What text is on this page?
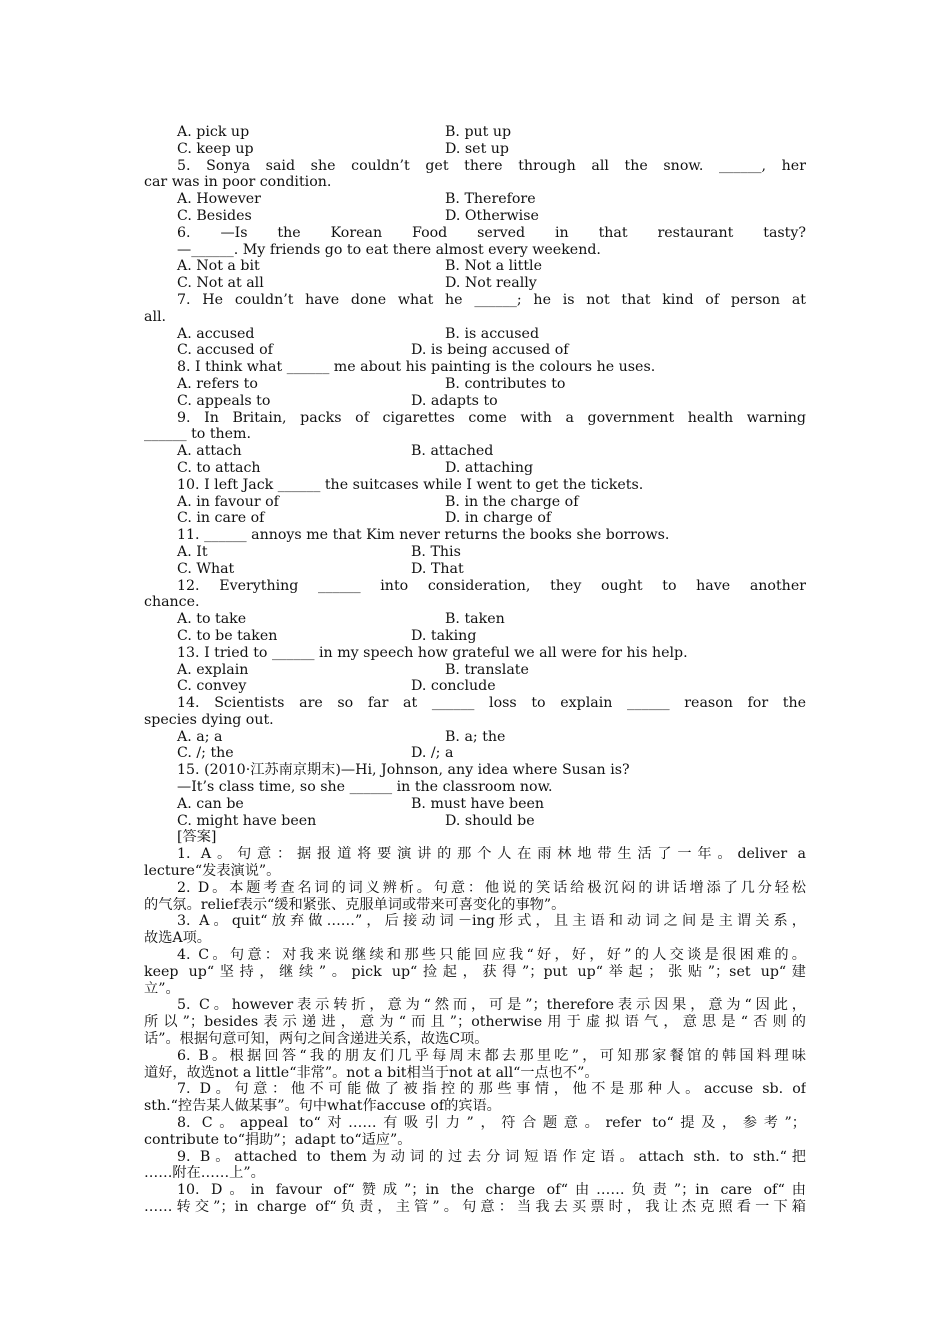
A. pick up	B. put up
C. keep up	D. set up
5. Sonya said she couldn’t get there through all the snow. ______, her
car was in poor condition.
A. However	B. Therefore
C. Besides	D. Otherwise
6. —Is the Korean Food served in that restaurant tasty?
—______. My friends go to eat there almost every weekend.
A. Not a bit	B. Not a little
C. Not at all	D. Not really
7. He couldn’t have done what he ______; he is not that kind of person at
all.
A. accused	B. is accused
C. accused of	D. is being accused of
8. I think what ______ me about his painting is the colours he uses.
A. refers to	B. contributes to
C. appeals to	D. adapts to
9. In Britain, packs of cigarettes come with a government health warning
______ to them.
A. attach	B. attached
C. to attach	D. attaching
10. I left Jack ______ the suitcases while I went to get the tickets.
A. in favour of	B. in the charge of
C. in care of	D. in charge of
11. ______ annoys me that Kim never returns the books she borrows.
A. It	B. This
C. What	D. That
12. Everything ______ into consideration, they ought to have another
chance.
A. to take	B. taken
C. to be taken	D. taking
13. I tried to ______ in my speech how grateful we all were for his help.
A. explain	B. translate
C. convey	D. conclude
14. Scientists are so far at ______ loss to explain ______ reason for the
species dying out.
A. a; a	B. a; the
C. /; the	D. /; a
15. (2010·江苏南京期末)—Hi, Johnson, any idea where Susan is?
—It’s class time, so she ______ in the classroom now.
A. can be	B. must have been
C. might have been	D. should be
[答案]
1. A。句意：据报道将要演讲的那个人在雨林地带生活了一年。deliver a
lecture“发表演说”。
2. D。本题考查名词的词义辨析。句意：他说的笑话给极沉闷的讲话增添了几分轻松
的气氛。relief表示“缓和紧张、克服单词或带来可喜变化的事物”。
3. A。quit“放弃做……”，后接动词－ing形式，且主语和动词之间是主谓关系，
故选A项。
4. C。句意：对我来说继续和那些只能回应我“好，好，好”的人交谈是很困难的。
keep up“坚持，继续”。pick up“捡起，获得”；put up“举起；张贴”；set up“建
立”。
5. C。however表示转折，意为“然而，可是”；therefore表示因果，意为“因此，
所以”；besides表示递进，意为“而且”；otherwise用于虚拟语气，意思是“否则的
话”。根据句意可知，两句之间含递进关系，故选C项。
6. B。根据回答“我的朋友们几乎每周末都去那里吃”，可知那家餐馆的韩国料理味
道好，故选not a little“非常”。not a bit相当于not at all“一点也不”。
7. D。句意：他不可能做了被指控的那些事情，他不是那种人。accuse sb. of
sth.“控告某人做某事”。句中what作accuse of的宾语。
8. C。appeal to“对……有吸引力”，符合题意。refer to“提及，参考”；
contribute to“捐助”；adapt to“适应”。
9. B。attached to them为动词的过去分词短语作定语。attach sth. to sth.“把
……附在……上”。
10. D。in favour of“赞成”；in the charge of“由……负责”；in care of“由
……转交”；in charge of“负责，主管”。句意：当我去买票时，我让杰克照看一下箱
